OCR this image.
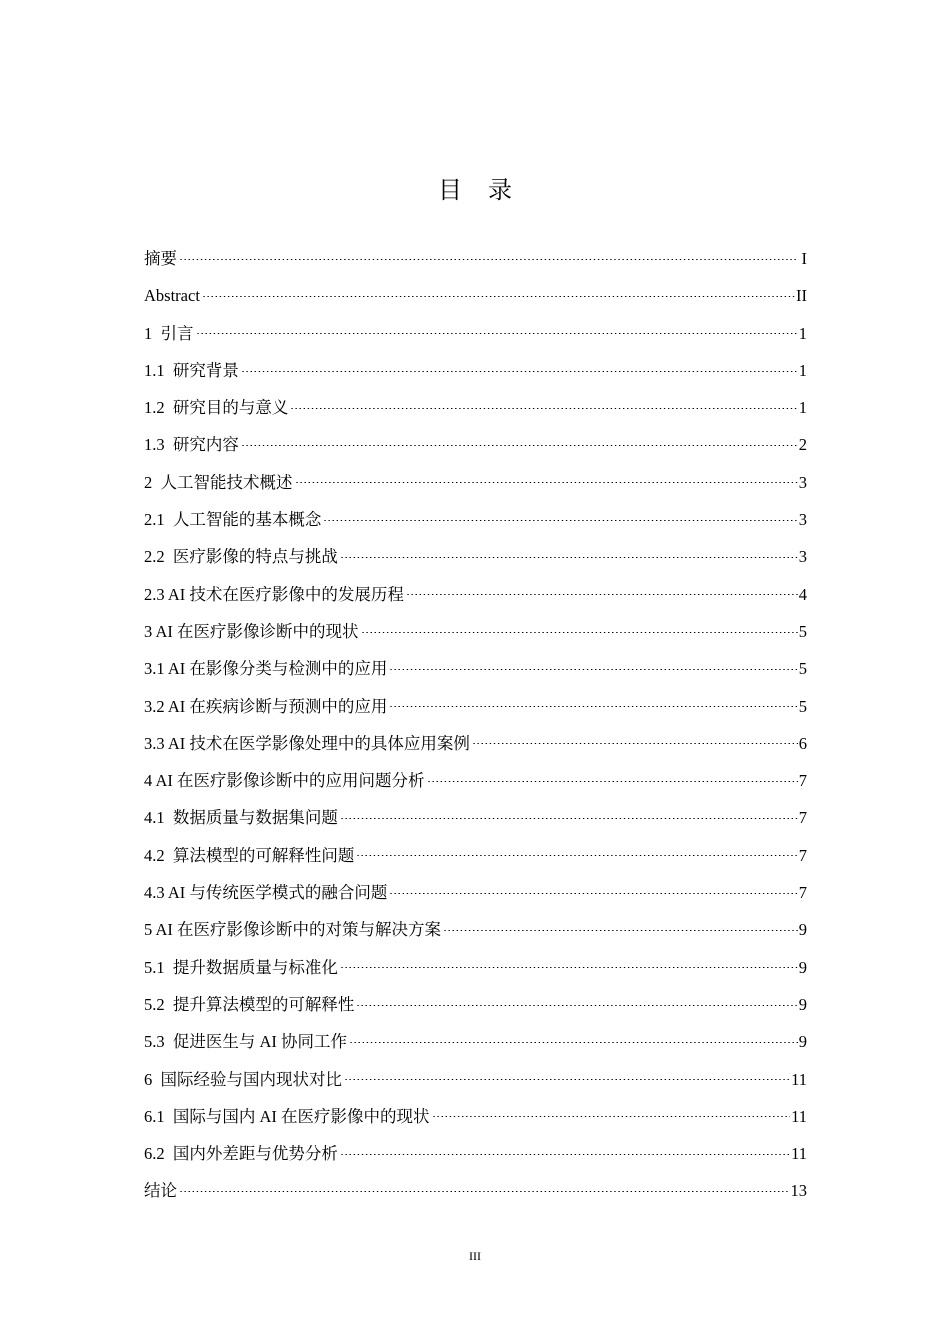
目录
摘要	I
Abstract	II
1  引言	1
1.1  研究背景	1
1.2  研究目的与意义	1
1.3  研究内容	2
2  人工智能技术概述	3
2.1  人工智能的基本概念	3
2.2  医疗影像的特点与挑战	3
2.3 AI 技术在医疗影像中的发展历程	4
3 AI 在医疗影像诊断中的现状	5
3.1 AI 在影像分类与检测中的应用	5
3.2 AI 在疾病诊断与预测中的应用	5
3.3 AI 技术在医学影像处理中的具体应用案例	6
4 AI 在医疗影像诊断中的应用问题分析	7
4.1  数据质量与数据集问题	7
4.2  算法模型的可解释性问题	7
4.3 AI 与传统医学模式的融合问题	7
5 AI 在医疗影像诊断中的对策与解决方案	9
5.1  提升数据质量与标准化	9
5.2  提升算法模型的可解释性	9
5.3  促进医生与 AI 协同工作	9
6  国际经验与国内现状对比	11
6.1  国际与国内 AI 在医疗影像中的现状	11
6.2  国内外差距与优势分析	11
结论	13
III
